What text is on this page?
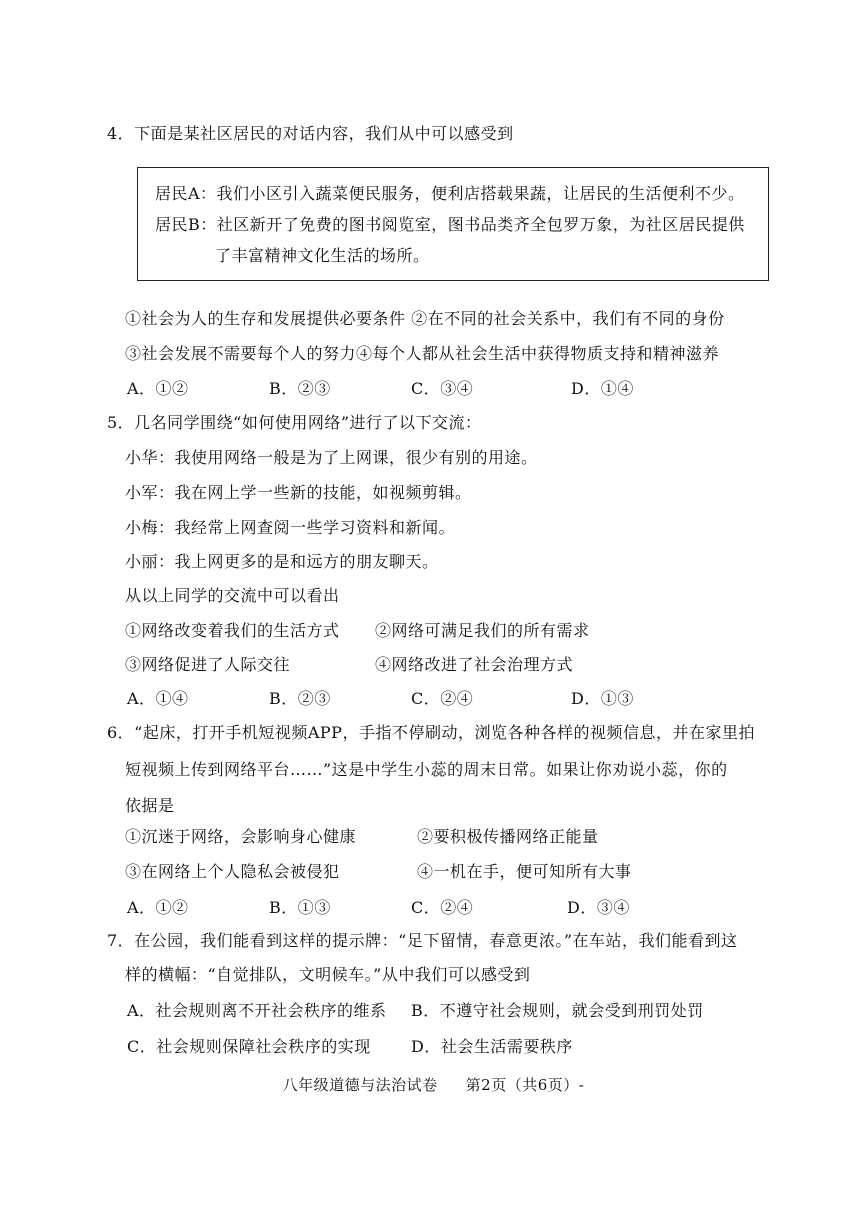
4．下面是某社区居民的对话内容，我们从中可以感受到
居民A：我们小区引入蔬菜便民服务，便利店搭载果蔬，让居民的生活便利不少。
居民B：社区新开了免费的图书阅览室，图书品类齐全包罗万象，为社区居民提供
了丰富精神文化生活的场所。
①社会为人的生存和发展提供必要条件 ②在不同的社会关系中，我们有不同的身份
③社会发展不需要每个人的努力④每个人都从社会生活中获得物质支持和精神滋养
A．①②	B．②③	C．③④	D．①④
5．几名同学围绕“如何使用网络”进行了以下交流：
小华：我使用网络一般是为了上网课，很少有别的用途。
小军：我在网上学一些新的技能，如视频剪辑。
小梅：我经常上网查阅一些学习资料和新闻。
小丽：我上网更多的是和远方的朋友聊天。
从以上同学的交流中可以看出
①网络改变着我们的生活方式 ②网络可满足我们的所有需求
③网络促进了人际交往	④网络改进了社会治理方式
A．①④	B．②③	C．②④	D．①③
6．“起床，打开手机短视频APP，手指不停刷动，浏览各种各样的视频信息，并在家里拍
短视频上传到网络平台……”这是中学生小蕊的周末日常。如果让你劝说小蕊，你的
依据是
①沉迷于网络，会影响身心健康	②要积极传播网络正能量
③在网络上个人隐私会被侵犯	④一机在手，便可知所有大事
A．①②	B．①③	C．②④	D．③④
7．在公园，我们能看到这样的提示牌：“足下留情，春意更浓。”在车站，我们能看到这
样的横幅：“自觉排队，文明候车。”从中我们可以感受到
A．社会规则离不开社会秩序的维系 B．不遵守社会规则，就会受到刑罚处罚
C．社会规则保障社会秩序的实现	D．社会生活需要秩序
八年级道德与法治试卷 第2页（共6页）-
